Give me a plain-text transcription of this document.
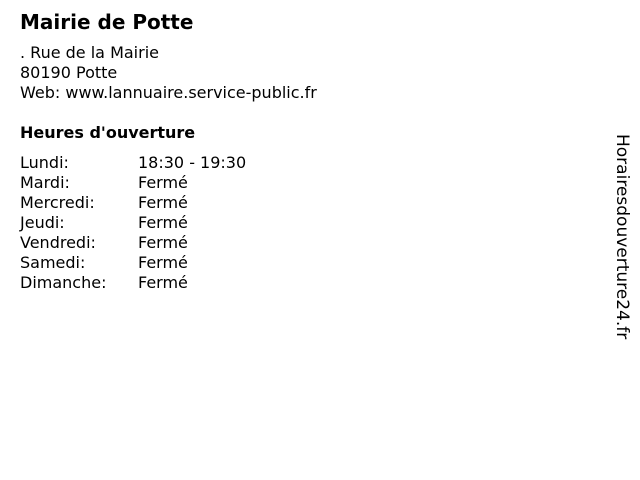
Mairie de Potte
. Rue de la Mairie
80190 Potte
Web: www.lannuaire.service-public.fr
Heures d'ouverture
Lundi:	18:30 - 19:30
Mardi:	Fermé
Mercredi:	Fermé
Jeudi:	Fermé
Vendredi:	Fermé
Samedi:	Fermé
Dimanche:	Fermé	Horairesdouverture24.fr
